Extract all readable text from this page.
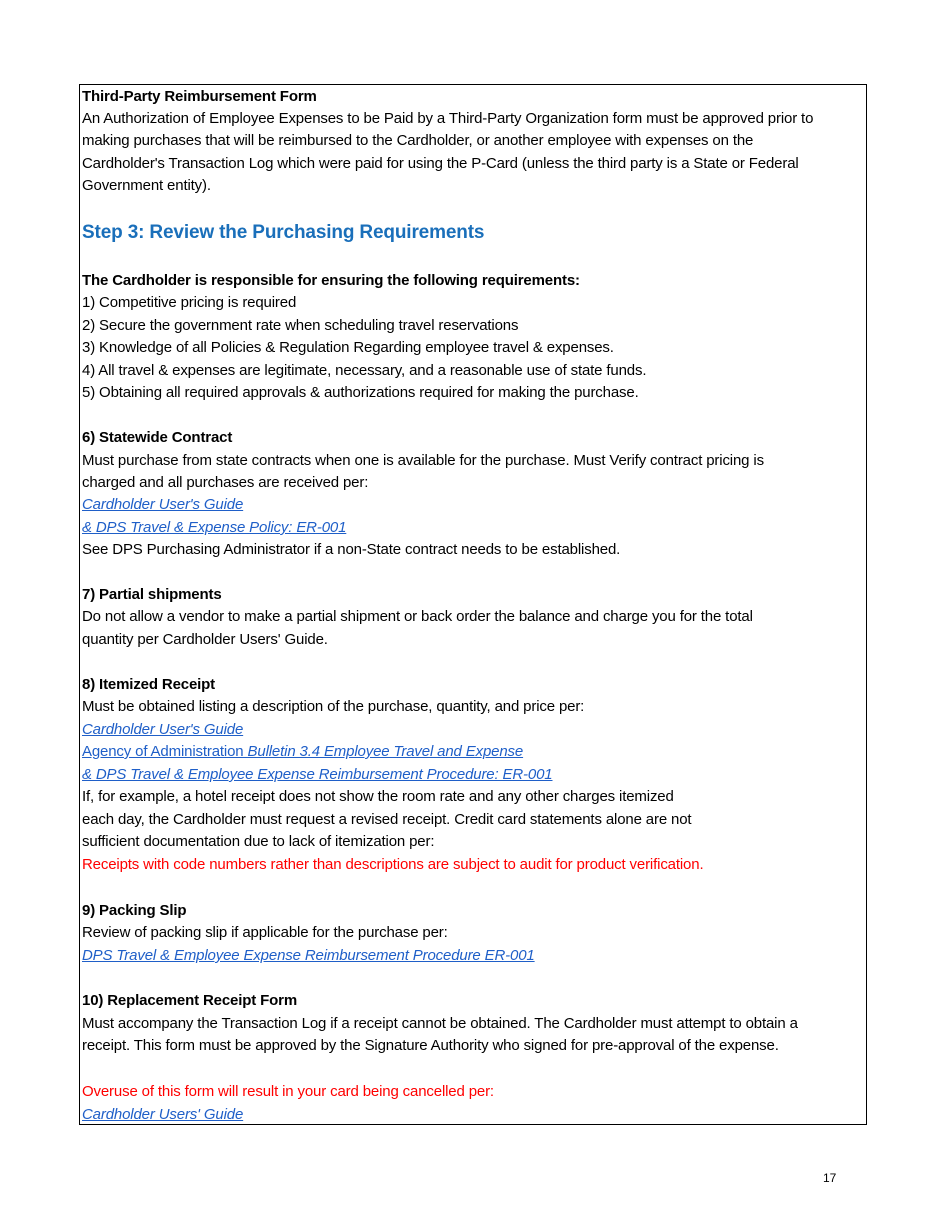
Third-Party Reimbursement Form

An Authorization of Employee Expenses to be Paid by a Third-Party Organization form must be approved prior to

making purchases that will be reimbursed to the Cardholder, or another employee with expenses on the

Cardholder's Transaction Log which were paid for using the P-Card (unless the third party is a State or Federal

Government entity).

Step 3: Review the Purchasing Requirements

The Cardholder is responsible for ensuring the following requirements:

1) Competitive pricing is required

2) Secure the government rate when scheduling travel reservations

3) Knowledge of all Policies & Regulation Regarding employee travel & expenses.

4) All travel & expenses are legitimate, necessary, and a reasonable use of state funds.

5) Obtaining all required approvals & authorizations required for making the purchase.

6) Statewide Contract

Must purchase from state contracts when one is available for the purchase. Must Verify contract pricing is

charged and all purchases are received per:

Cardholder User's Guide

& DPS Travel & Expense Policy: ER-001

See DPS Purchasing Administrator if a non-State contract needs to be established.

7) Partial shipments

Do not allow a vendor to make a partial shipment or back order the balance and charge you for the total

quantity per Cardholder Users' Guide.

8) Itemized Receipt

Must be obtained listing a description of the purchase, quantity, and price per:

Cardholder User's Guide

Agency of Administration Bulletin 3.4 Employee Travel and Expense

& DPS Travel & Employee Expense Reimbursement Procedure: ER-001

If, for example, a hotel receipt does not show the room rate and any other charges itemized

each day, the Cardholder must request a revised receipt. Credit card statements alone are not

sufficient documentation due to lack of itemization per:

Receipts with code numbers rather than descriptions are subject to audit for product verification.

9) Packing Slip

Review of packing slip if applicable for the purchase per:

DPS Travel & Employee Expense Reimbursement Procedure ER-001

10) Replacement Receipt Form

Must accompany the Transaction Log if a receipt cannot be obtained. The Cardholder must attempt to obtain a

receipt. This form must be approved by the Signature Authority who signed for pre-approval of the expense.

Overuse of this form will result in your card being cancelled per:

Cardholder Users' Guide

17
